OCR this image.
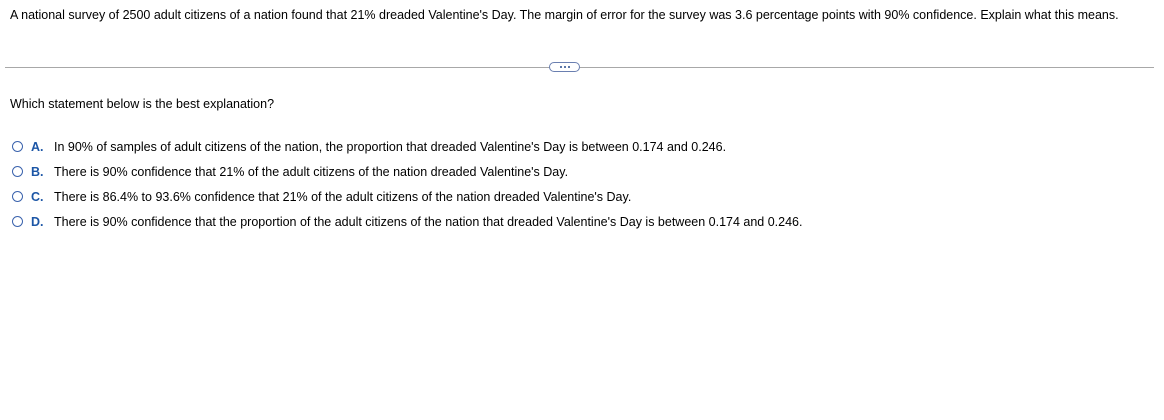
A national survey of 2500 adult citizens of a nation found that 21% dreaded Valentine's Day. The margin of error for the survey was 3.6 percentage points with 90% confidence. Explain what this means.
Which statement below is the best explanation?
A. In 90% of samples of adult citizens of the nation, the proportion that dreaded Valentine's Day is between 0.174 and 0.246.
B. There is 90% confidence that 21% of the adult citizens of the nation dreaded Valentine's Day.
C. There is 86.4% to 93.6% confidence that 21% of the adult citizens of the nation dreaded Valentine's Day.
D. There is 90% confidence that the proportion of the adult citizens of the nation that dreaded Valentine's Day is between 0.174 and 0.246.
